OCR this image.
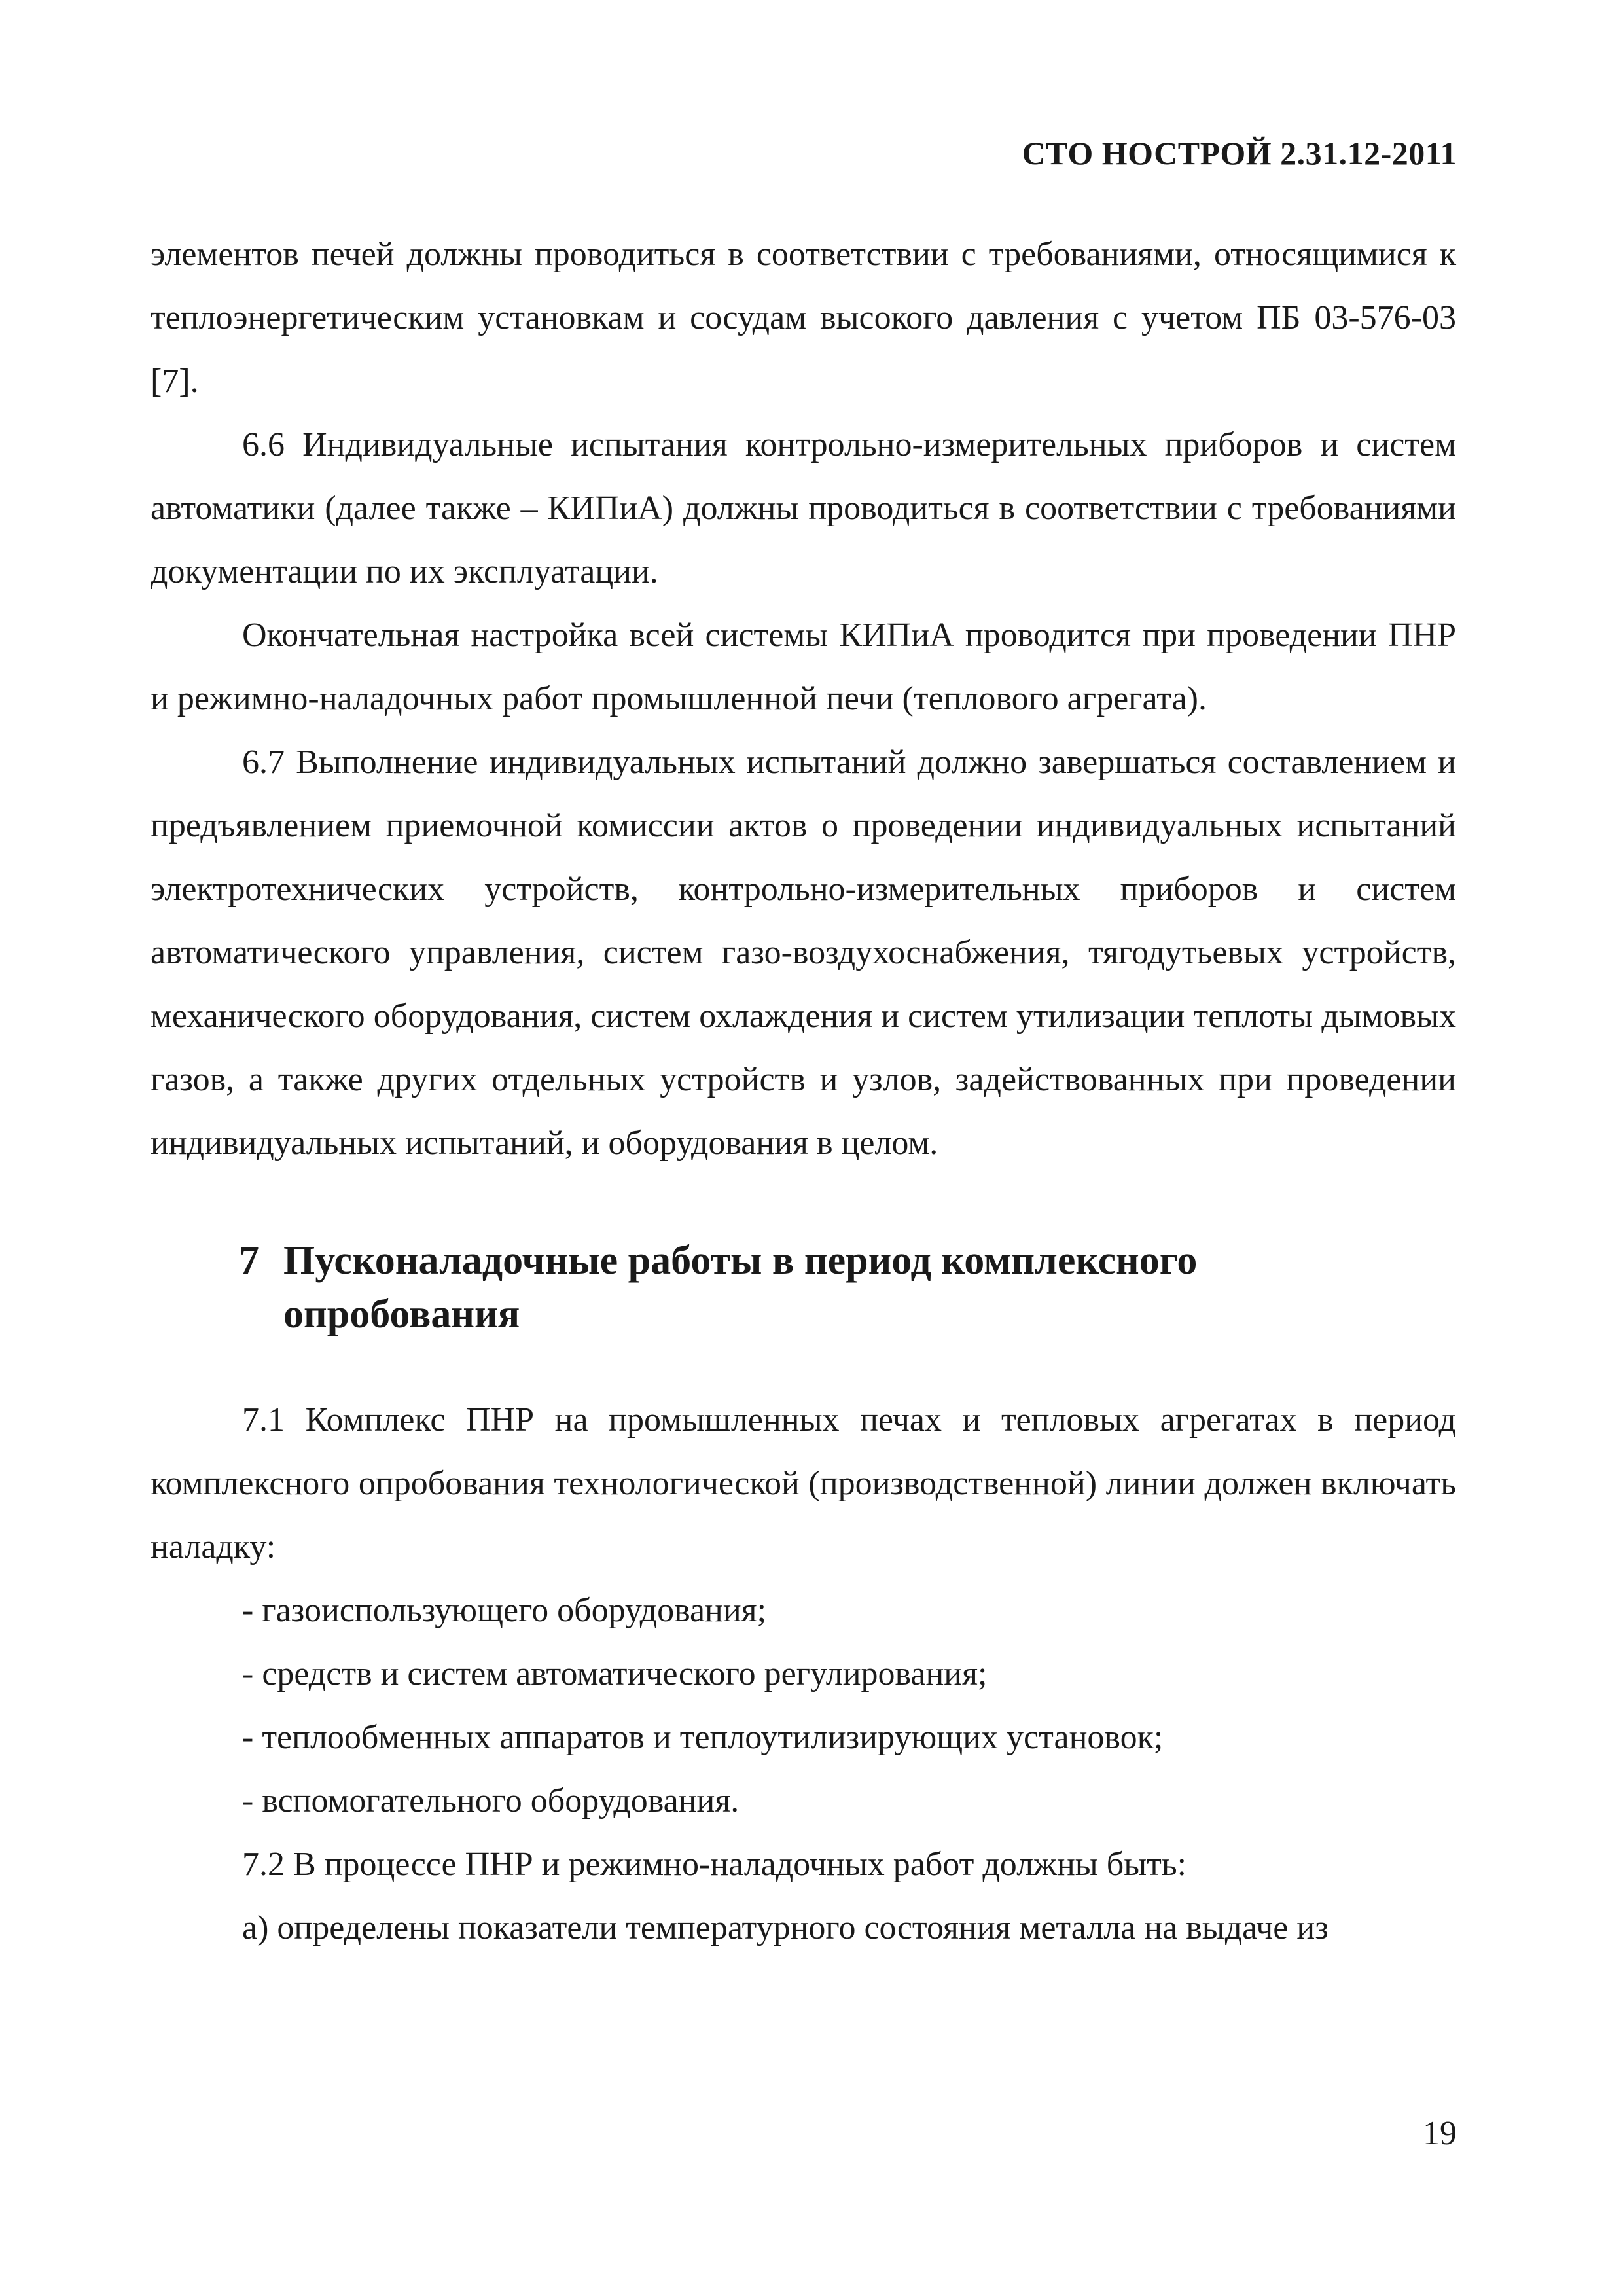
СТО НОСТРОЙ 2.31.12-2011

элементов печей должны проводиться в соответствии с требованиями, относящимися к теплоэнергетическим установкам и сосудам высокого давления с учетом ПБ 03-576-03 [7].

6.6 Индивидуальные испытания контрольно-измерительных приборов и систем автоматики (далее также – КИПиА) должны проводиться в соответствии с требованиями документации по их эксплуатации.

Окончательная настройка всей системы КИПиА проводится при проведении ПНР и режимно-наладочных работ промышленной печи (теплового агрегата).

6.7 Выполнение индивидуальных испытаний должно завершаться составлением и предъявлением приемочной комиссии актов о проведении индивидуальных испытаний электротехнических устройств, контрольно-измерительных приборов и систем автоматического управления, систем газо-воздухоснабжения, тягодутьевых устройств, механического оборудования, систем охлаждения и систем утилизации теплоты дымовых газов, а также других отдельных устройств и узлов, задействованных при проведении индивидуальных испытаний, и оборудования в целом.

7 Пусконаладочные работы в период комплексного опробования

7.1 Комплекс ПНР на промышленных печах и тепловых агрегатах в период комплексного опробования технологической (производственной) линии должен включать наладку:

- газоиспользующего оборудования;

- средств и систем автоматического регулирования;

- теплообменных аппаратов и теплоутилизирующих установок;

- вспомогательного оборудования.

7.2 В процессе ПНР и режимно-наладочных работ должны быть:

а) определены показатели температурного состояния металла на выдаче из

19
